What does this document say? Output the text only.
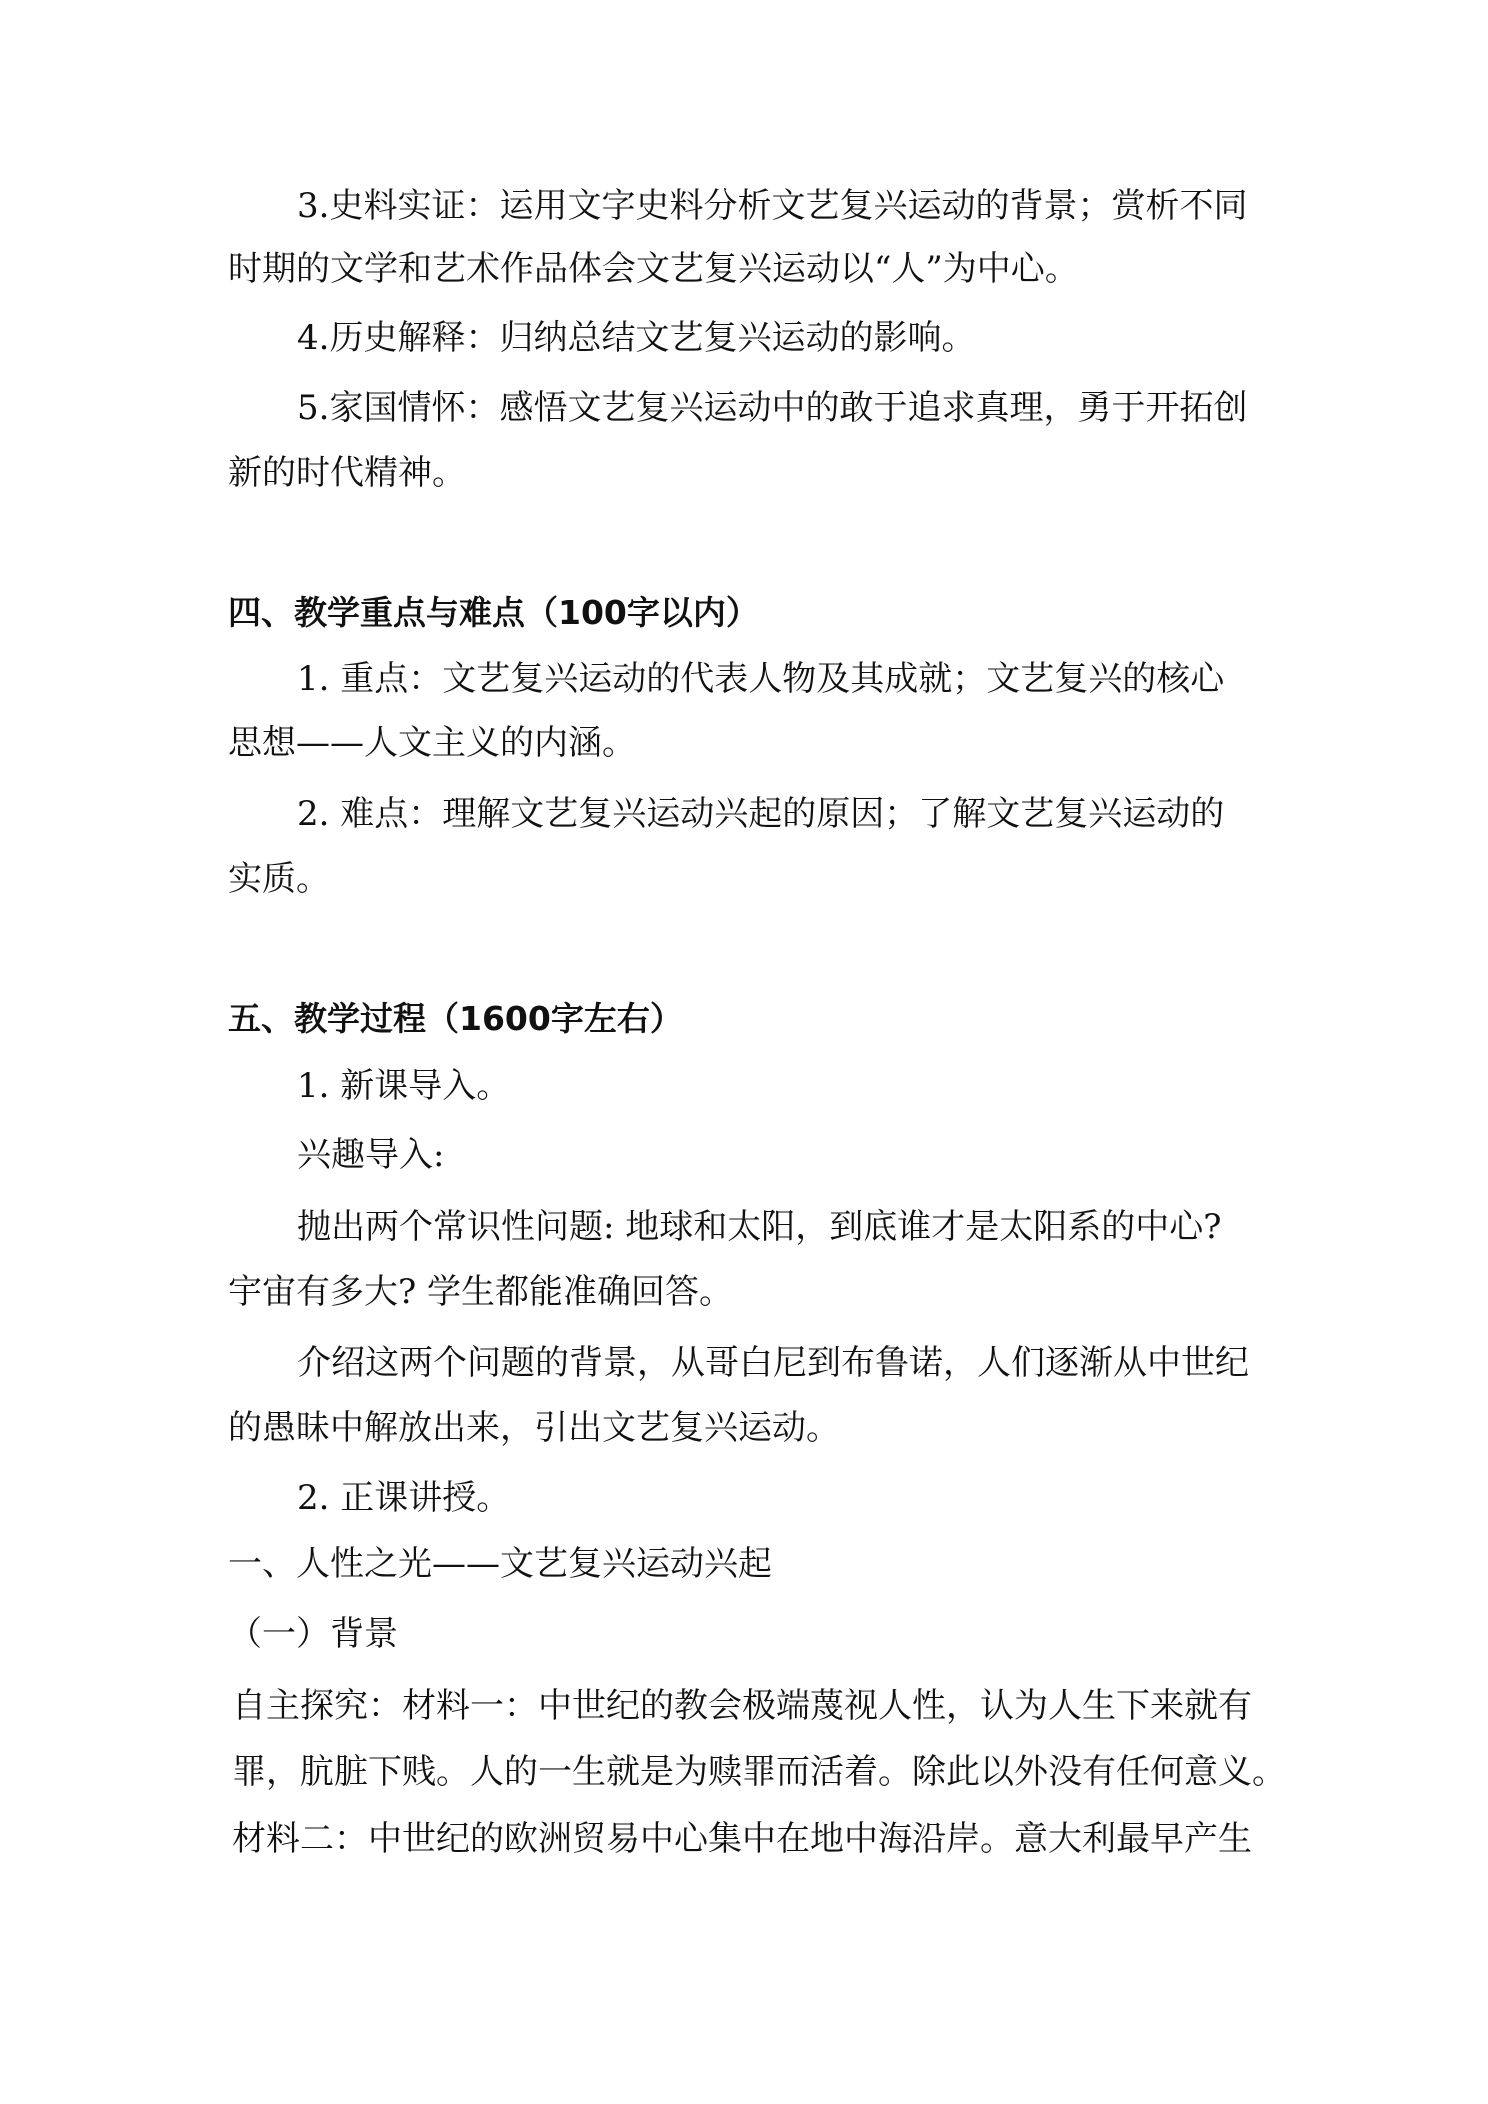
3.史料实证：运用文字史料分析文艺复兴运动的背景；赏析不同

时期的文学和艺术作品体会文艺复兴运动以“人”为中心。

4.历史解释：归纳总结文艺复兴运动的影响。

5.家国情怀：感悟文艺复兴运动中的敢于追求真理，勇于开拓创

新的时代精神。

四、教学重点与难点（100字以内）

1. 重点：文艺复兴运动的代表人物及其成就；文艺复兴的核心

思想——人文主义的内涵。

2. 难点：理解文艺复兴运动兴起的原因；了解文艺复兴运动的

实质。

五、教学过程（1600字左右）

1. 新课导入。

兴趣导入:

抛出两个常识性问题: 地球和太阳，到底谁才是太阳系的中心?

宇宙有多大? 学生都能准确回答。

介绍这两个问题的背景，从哥白尼到布鲁诺，人们逐渐从中世纪

的愚昧中解放出来，引出文艺复兴运动。

2. 正课讲授。

一、人性之光——文艺复兴运动兴起

（一）背景

自主探究：材料一：中世纪的教会极端蔑视人性，认为人生下来就有

罪，肮脏下贱。人的一生就是为赎罪而活着。除此以外没有任何意义。

材料二：中世纪的欧洲贸易中心集中在地中海沿岸。意大利最早产生
